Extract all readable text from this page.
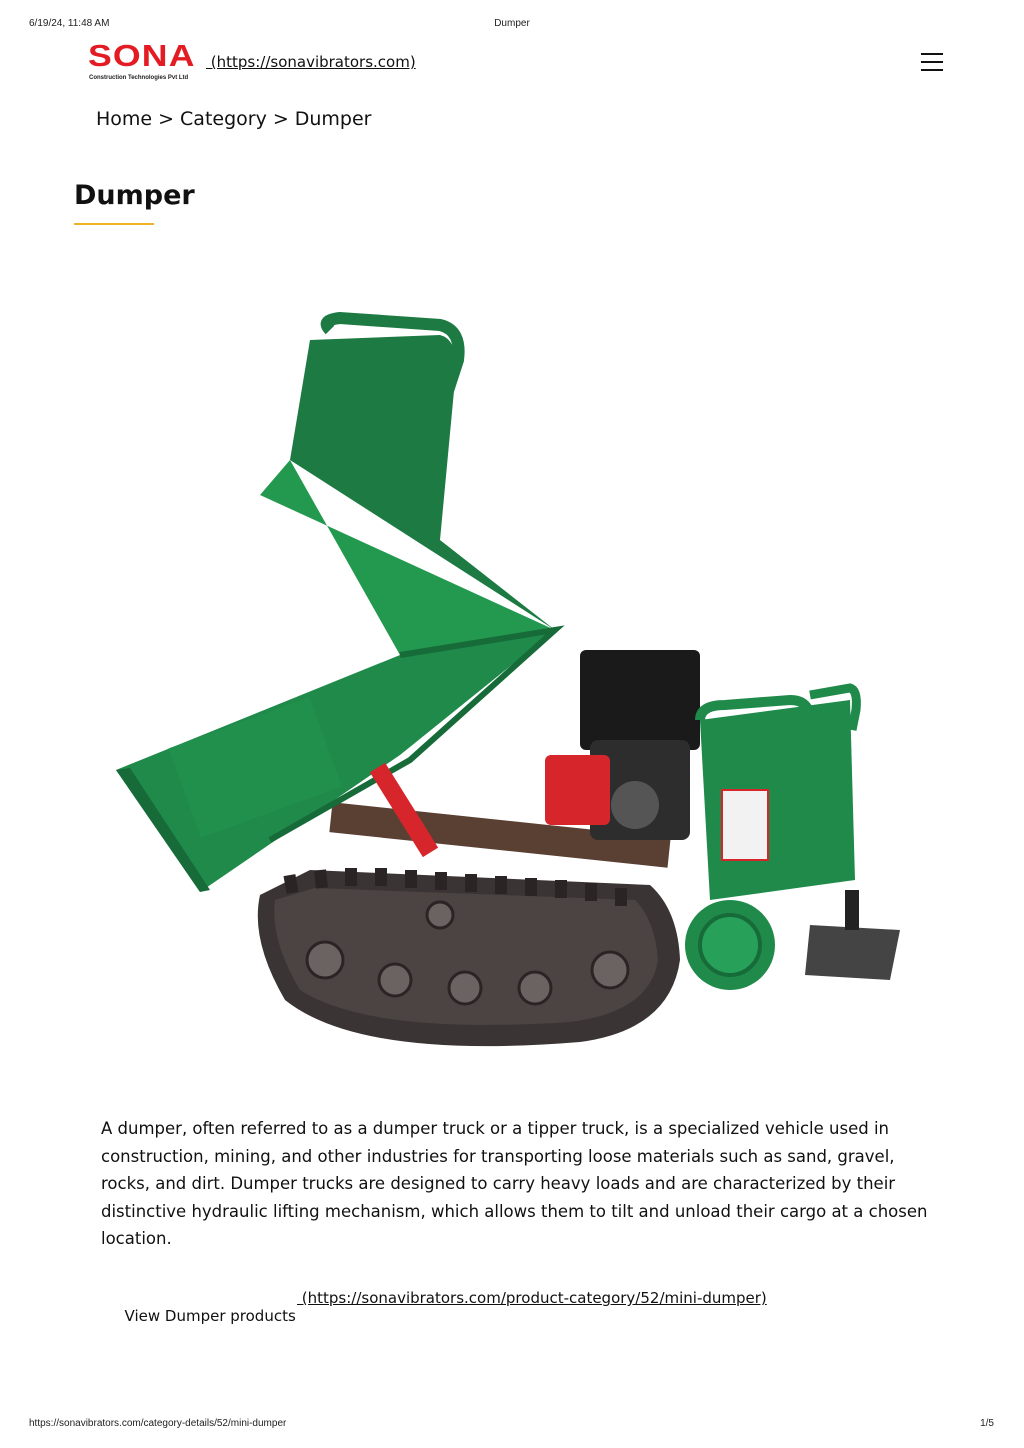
6/19/24, 11:48 AM	Dumper
SONA
Construction Technologies Pvt Ltd
(https://sonavibrators.com)
Home > Category > Dumper
Dumper

A dumper, often referred to as a dumper truck or a tipper truck, is a specialized vehicle used in construction, mining, and other industries for transporting loose materials such as sand, gravel, rocks, and dirt. Dumper trucks are designed to carry heavy loads and are characterized by their distinctive hydraulic lifting mechanism, which allows them to tilt and unload their cargo at a chosen location.

View Dumper products

(https://sonavibrators.com/product-category/52/mini-dumper)

https://sonavibrators.com/category-details/52/mini-dumper	1/5
